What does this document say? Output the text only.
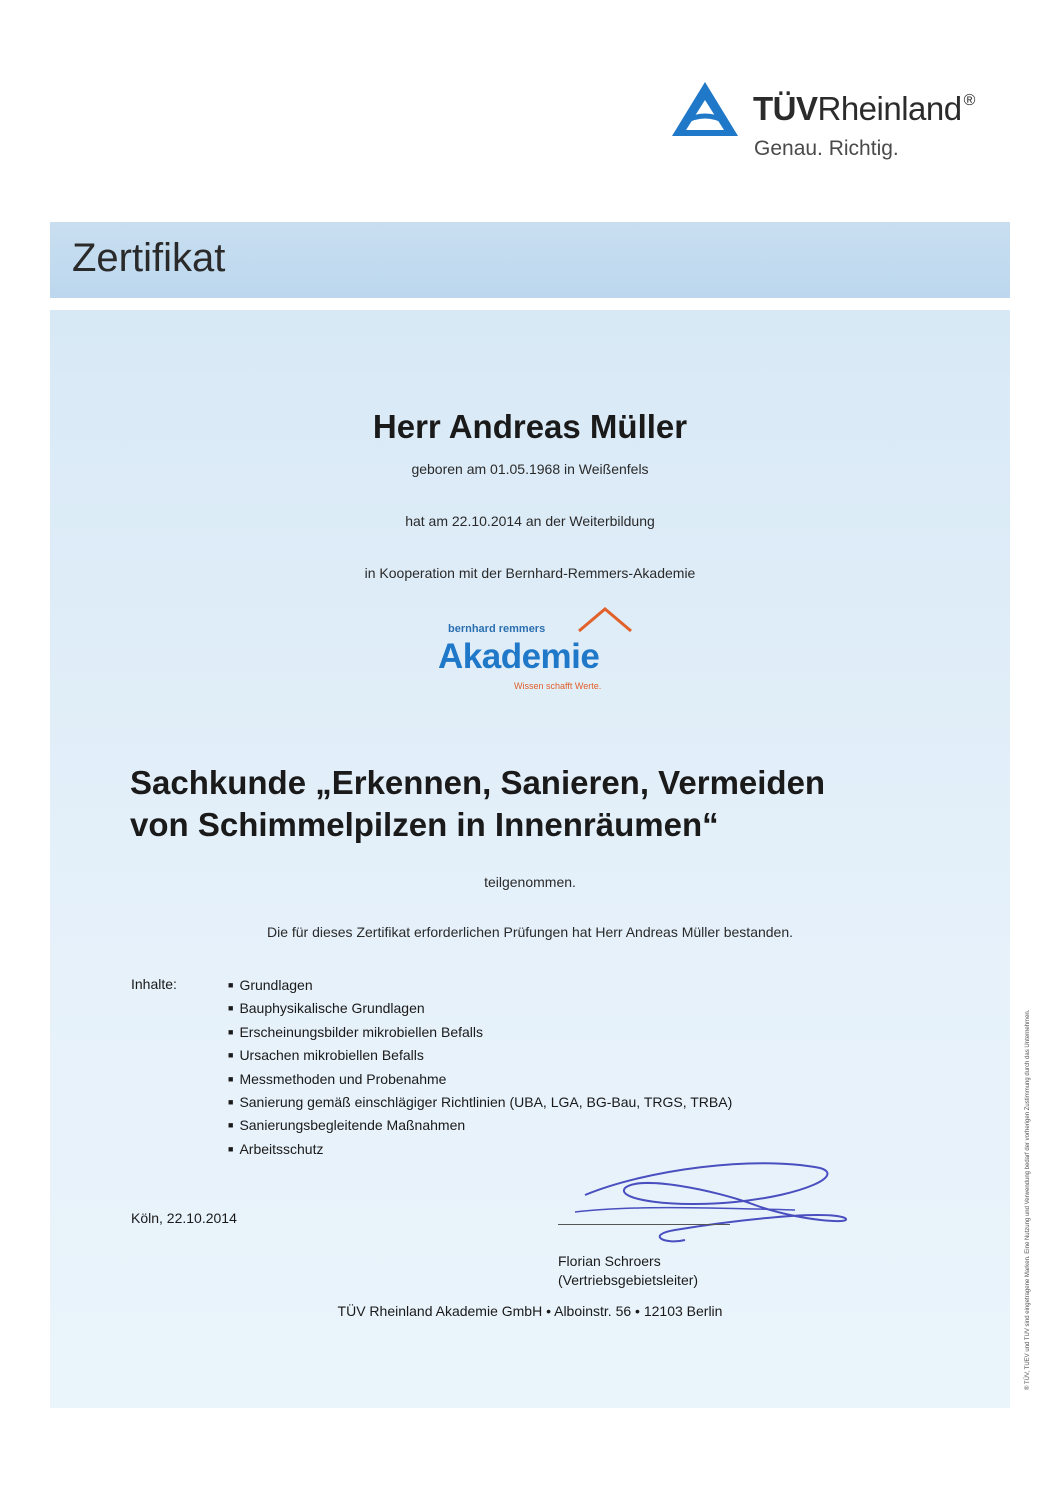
TÜVRheinland ®
Genau. Richtig.
Zertifikat
Herr Andreas Müller
geboren am 01.05.1968 in Weißenfels
hat am 22.10.2014 an der Weiterbildung
in Kooperation mit der Bernhard-Remmers-Akademie
bernhard remmers
Akademie
Wissen schafft Werte.
Sachkunde „Erkennen, Sanieren, Vermeiden
von Schimmelpilzen in Innenräumen“
teilgenommen.
Die für dieses Zertifikat erforderlichen Prüfungen hat Herr Andreas Müller bestanden.
Inhalte:
■	Grundlagen
■ Bauphysikalische Grundlagen
■ Erscheinungsbilder mikrobiellen Befalls
■ Ursachen mikrobiellen Befalls
■ Messmethoden und Probenahme
■ Sanierung gemäß einschlägiger Richtlinien (UBA, LGA, BG-Bau, TRGS, TRBA)
■ Sanierungsbegleitende Maßnahmen
■ Arbeitsschutz
Köln, 22.10.2014
Florian Schroers
(Vertriebsgebietsleiter)
TÜV Rheinland Akademie GmbH • Alboinstr. 56 • 12103 Berlin	® TÜV, TUEV und TUV sind eingetragene Marken. Eine Nutzung und Verwendung bedarf der vorherigen Zustimmung durch das Unternehmen.
